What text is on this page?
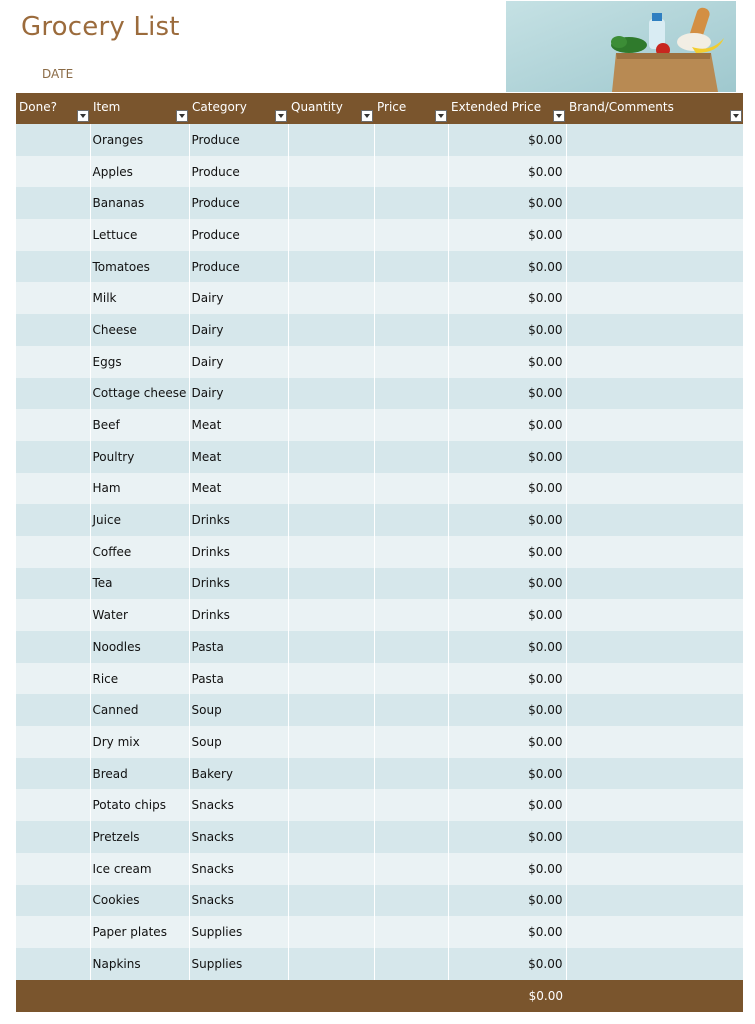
Grocery List
DATE
Done?	Item	Category	Quantity	Price	Extended Price	Brand/Comments

	Oranges	Produce			$0.00	
	Apples	Produce			$0.00	
	Bananas	Produce			$0.00	
	Lettuce	Produce			$0.00	
	Tomatoes	Produce			$0.00	
	Milk	Dairy			$0.00	
	Cheese	Dairy			$0.00	
	Eggs	Dairy			$0.00	
	Cottage cheese	Dairy			$0.00	
	Beef	Meat			$0.00	
	Poultry	Meat			$0.00	
	Ham	Meat			$0.00	
	Juice	Drinks			$0.00	
	Coffee	Drinks			$0.00	
	Tea	Drinks			$0.00	
	Water	Drinks			$0.00	
	Noodles	Pasta			$0.00	
	Rice	Pasta			$0.00	
	Canned	Soup			$0.00	
	Dry mix	Soup			$0.00	
	Bread	Bakery			$0.00	
	Potato chips	Snacks			$0.00	
	Pretzels	Snacks			$0.00	
	Ice cream	Snacks			$0.00	
	Cookies	Snacks			$0.00	
	Paper plates	Supplies			$0.00	
	Napkins	Supplies			$0.00	
					$0.00	
